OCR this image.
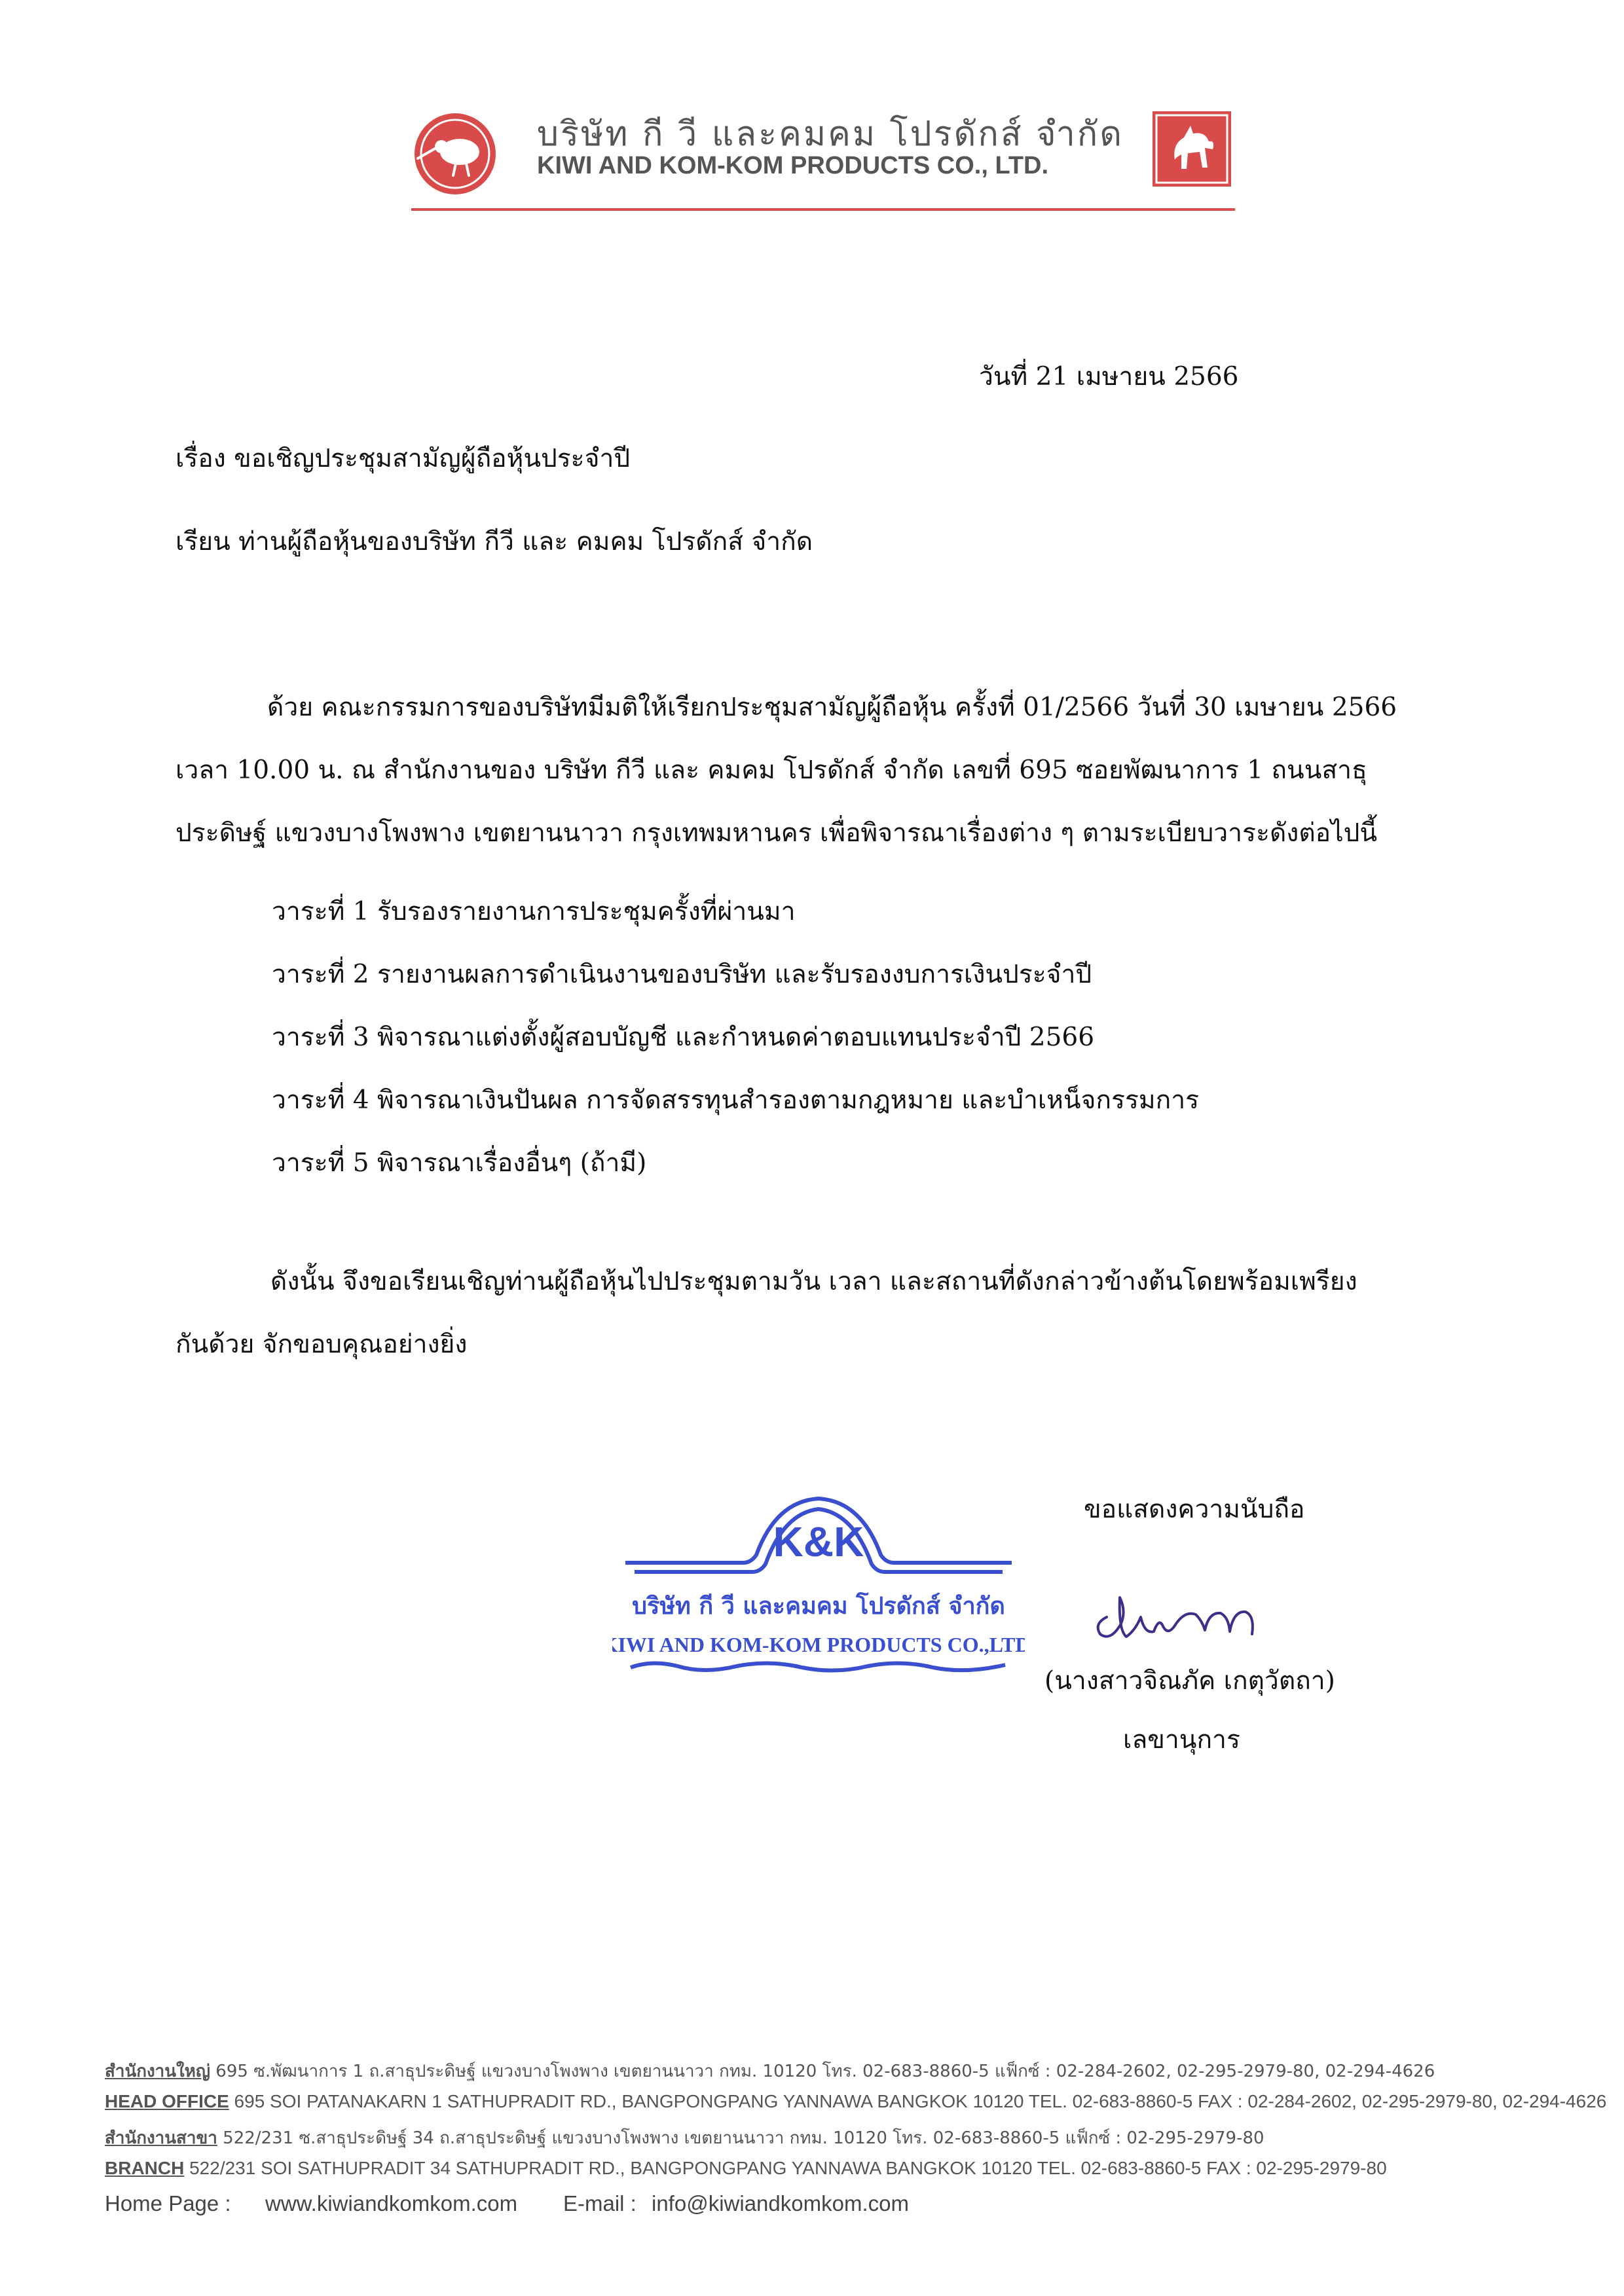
บริษัท กี วี และคมคม โปรดักส์ จำกัด
KIWI AND KOM-KOM PRODUCTS CO., LTD.
วันที่ 21 เมษายน 2566
เรื่อง ขอเชิญประชุมสามัญผู้ถือหุ้นประจำปี
เรียน ท่านผู้ถือหุ้นของบริษัท กีวี และ คมคม โปรดักส์ จำกัด
ด้วย คณะกรรมการของบริษัทมีมติให้เรียกประชุมสามัญผู้ถือหุ้น ครั้งที่ 01/2566 วันที่ 30 เมษายน 2566
เวลา 10.00 น. ณ สำนักงานของ บริษัท กีวี และ คมคม โปรดักส์ จำกัด เลขที่ 695 ซอยพัฒนาการ 1 ถนนสาธุ
ประดิษฐ์ แขวงบางโพงพาง เขตยานนาวา กรุงเทพมหานคร เพื่อพิจารณาเรื่องต่าง ๆ ตามระเบียบวาระดังต่อไปนี้
วาระที่ 1 รับรองรายงานการประชุมครั้งที่ผ่านมา
วาระที่ 2 รายงานผลการดำเนินงานของบริษัท และรับรองงบการเงินประจำปี
วาระที่ 3 พิจารณาแต่งตั้งผู้สอบบัญชี และกำหนดค่าตอบแทนประจำปี 2566
วาระที่ 4 พิจารณาเงินปันผล การจัดสรรทุนสำรองตามกฎหมาย และบำเหน็จกรรมการ
วาระที่ 5 พิจารณาเรื่องอื่นๆ (ถ้ามี)
ดังนั้น จึงขอเรียนเชิญท่านผู้ถือหุ้นไปประชุมตามวัน เวลา และสถานที่ดังกล่าวข้างต้นโดยพร้อมเพรียง
กันด้วย จักขอบคุณอย่างยิ่ง
K&K
บริษัท กี วี และคมคม โปรดักส์ จำกัด
KIWI AND KOM-KOM PRODUCTS CO.,LTD.
ขอแสดงความนับถือ
(นางสาวจิณภัค เกตุวัตถา)
เลขานุการ
สำนักงานใหญ่ 695 ซ.พัฒนาการ 1 ถ.สาธุประดิษฐ์ แขวงบางโพงพาง เขตยานนาวา กทม. 10120 โทร. 02-683-8860-5 แฟ็กซ์ : 02-284-2602, 02-295-2979-80, 02-294-4626
HEAD OFFICE 695 SOI PATANAKARN 1 SATHUPRADIT RD., BANGPONGPANG YANNAWA BANGKOK 10120 TEL. 02-683-8860-5 FAX : 02-284-2602, 02-295-2979-80, 02-294-4626
สำนักงานสาขา 522/231 ซ.สาธุประดิษฐ์ 34 ถ.สาธุประดิษฐ์ แขวงบางโพงพาง เขตยานนาวา กทม. 10120 โทร. 02-683-8860-5 แฟ็กซ์ : 02-295-2979-80
BRANCH 522/231 SOI SATHUPRADIT 34 SATHUPRADIT RD., BANGPONGPANG YANNAWA BANGKOK 10120 TEL. 02-683-8860-5 FAX : 02-295-2979-80
Home Page : www.kiwiandkomkom.com E-mail : info@kiwiandkomkom.com
